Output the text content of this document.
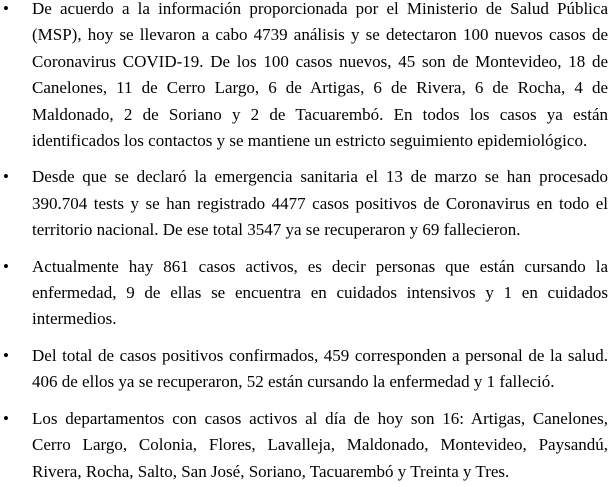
• De acuerdo a la información proporcionada por el Ministerio de Salud Pública (MSP), hoy se llevaron a cabo 4739 análisis y se detectaron 100 nuevos casos de Coronavirus COVID-19. De los 100 casos nuevos, 45 son de Montevideo, 18 de Canelones, 11 de Cerro Largo, 6 de Artigas, 6 de Rivera, 6 de Rocha, 4 de Maldonado, 2 de Soriano y 2 de Tacuarembó. En todos los casos ya están identificados los contactos y se mantiene un estricto seguimiento epidemiológico.
• Desde que se declaró la emergencia sanitaria el 13 de marzo se han procesado 390.704 tests y se han registrado 4477 casos positivos de Coronavirus en todo el territorio nacional. De ese total 3547 ya se recuperaron y 69 fallecieron.
• Actualmente hay 861 casos activos, es decir personas que están cursando la enfermedad, 9 de ellas se encuentra en cuidados intensivos y 1 en cuidados intermedios.
• Del total de casos positivos confirmados, 459 corresponden a personal de la salud. 406 de ellos ya se recuperaron, 52 están cursando la enfermedad y 1 falleció.
• Los departamentos con casos activos al día de hoy son 16: Artigas, Canelones, Cerro Largo, Colonia, Flores, Lavalleja, Maldonado, Montevideo, Paysandú, Rivera, Rocha, Salto, San José, Soriano, Tacuarembó y Treinta y Tres.
